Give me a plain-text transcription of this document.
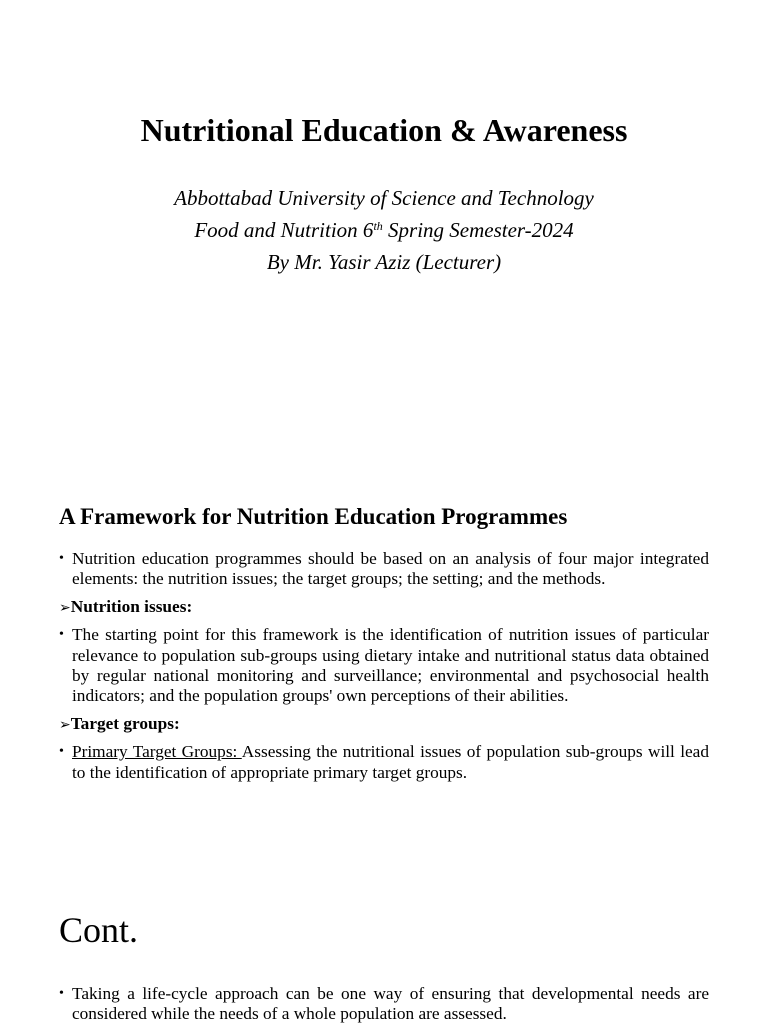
Nutritional Education & Awareness
Abbottabad University of Science and Technology
Food and Nutrition 6th Spring Semester-2024
By Mr. Yasir Aziz (Lecturer)
A Framework for Nutrition Education Programmes
• Nutrition education programmes should be based on an analysis of four major integrated elements: the nutrition issues; the target groups; the setting; and the methods.
➢Nutrition issues:
• The starting point for this framework is the identification of nutrition issues of particular relevance to population sub-groups using dietary intake and nutritional status data obtained by regular national monitoring and surveillance; environmental and psychosocial health indicators; and the population groups' own perceptions of their abilities.
➢Target groups:
• Primary Target Groups: Assessing the nutritional issues of population sub-groups will lead to the identification of appropriate primary target groups.
Cont.
• Taking a life-cycle approach can be one way of ensuring that developmental needs are considered while the needs of a whole population are assessed.
